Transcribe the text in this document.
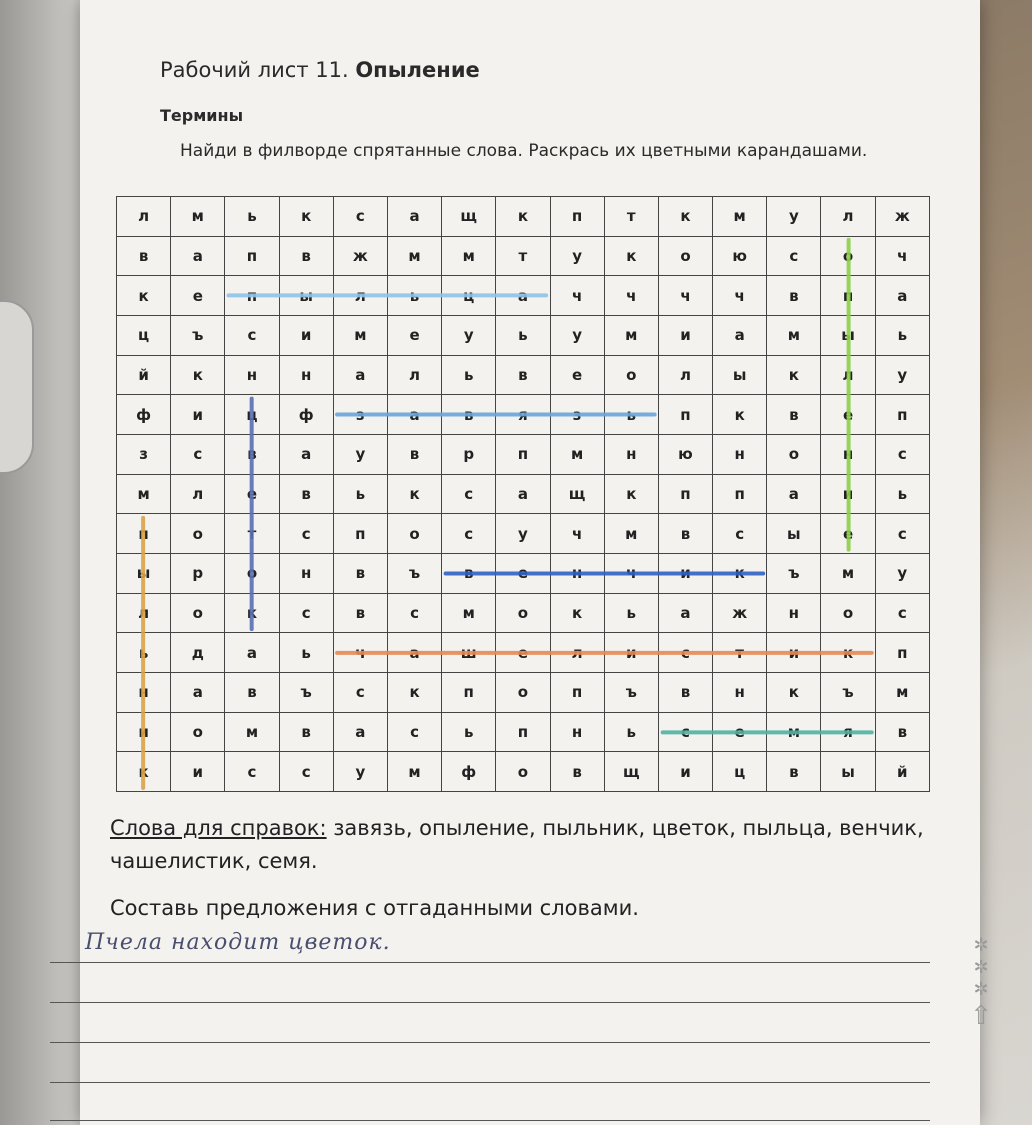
Рабочий лист 11. Опыление
Термины
Найди в филворде спрятанные слова. Раскрась их цветными карандашами.
л	м	ь	к	с	а	щ	к	п	т	к	м	у	л	ж
в	а	п	в	ж	м	м	т	у	к	о	ю	с	о	ч
к	е	п	ы	л	ь	ц	а	ч	ч	ч	ч	в	п	а
ц	ъ	с	и	м	е	у	ь	у	м	и	а	м	ы	ь
й	к	н	н	а	л	ь	в	е	о	л	ы	к	л	у
ф	и	ц	ф	з	а	в	я	з	ь	п	к	в	е	п
з	с	в	а	у	в	р	п	м	н	ю	н	о	н	с
м	л	е	в	ь	к	с	а	щ	к	п	п	а	и	ь
п	о	т	с	п	о	с	у	ч	м	в	с	ы	е	с
ы	р	о	н	в	ъ	в	е	н	ч	и	к	ъ	м	у
л	о	к	с	в	с	м	о	к	ь	а	ж	н	о	с
ь	д	а	ь	ч	а	ш	е	л	и	с	т	и	к	п
н	а	в	ъ	с	к	п	о	п	ъ	в	н	к	ъ	м
и	о	м	в	а	с	ь	п	н	ь	с	е	м	я	в
к	и	с	с	у	м	ф	о	в	щ	и	ц	в	ы	й
Слова для справок: завязь, опыление, пыльник, цветок, пыльца, венчик, чашелистик, семя.
Составь предложения с отгаданными словами.
Пчела находит цветок.	✲
✲
✲
⇧
